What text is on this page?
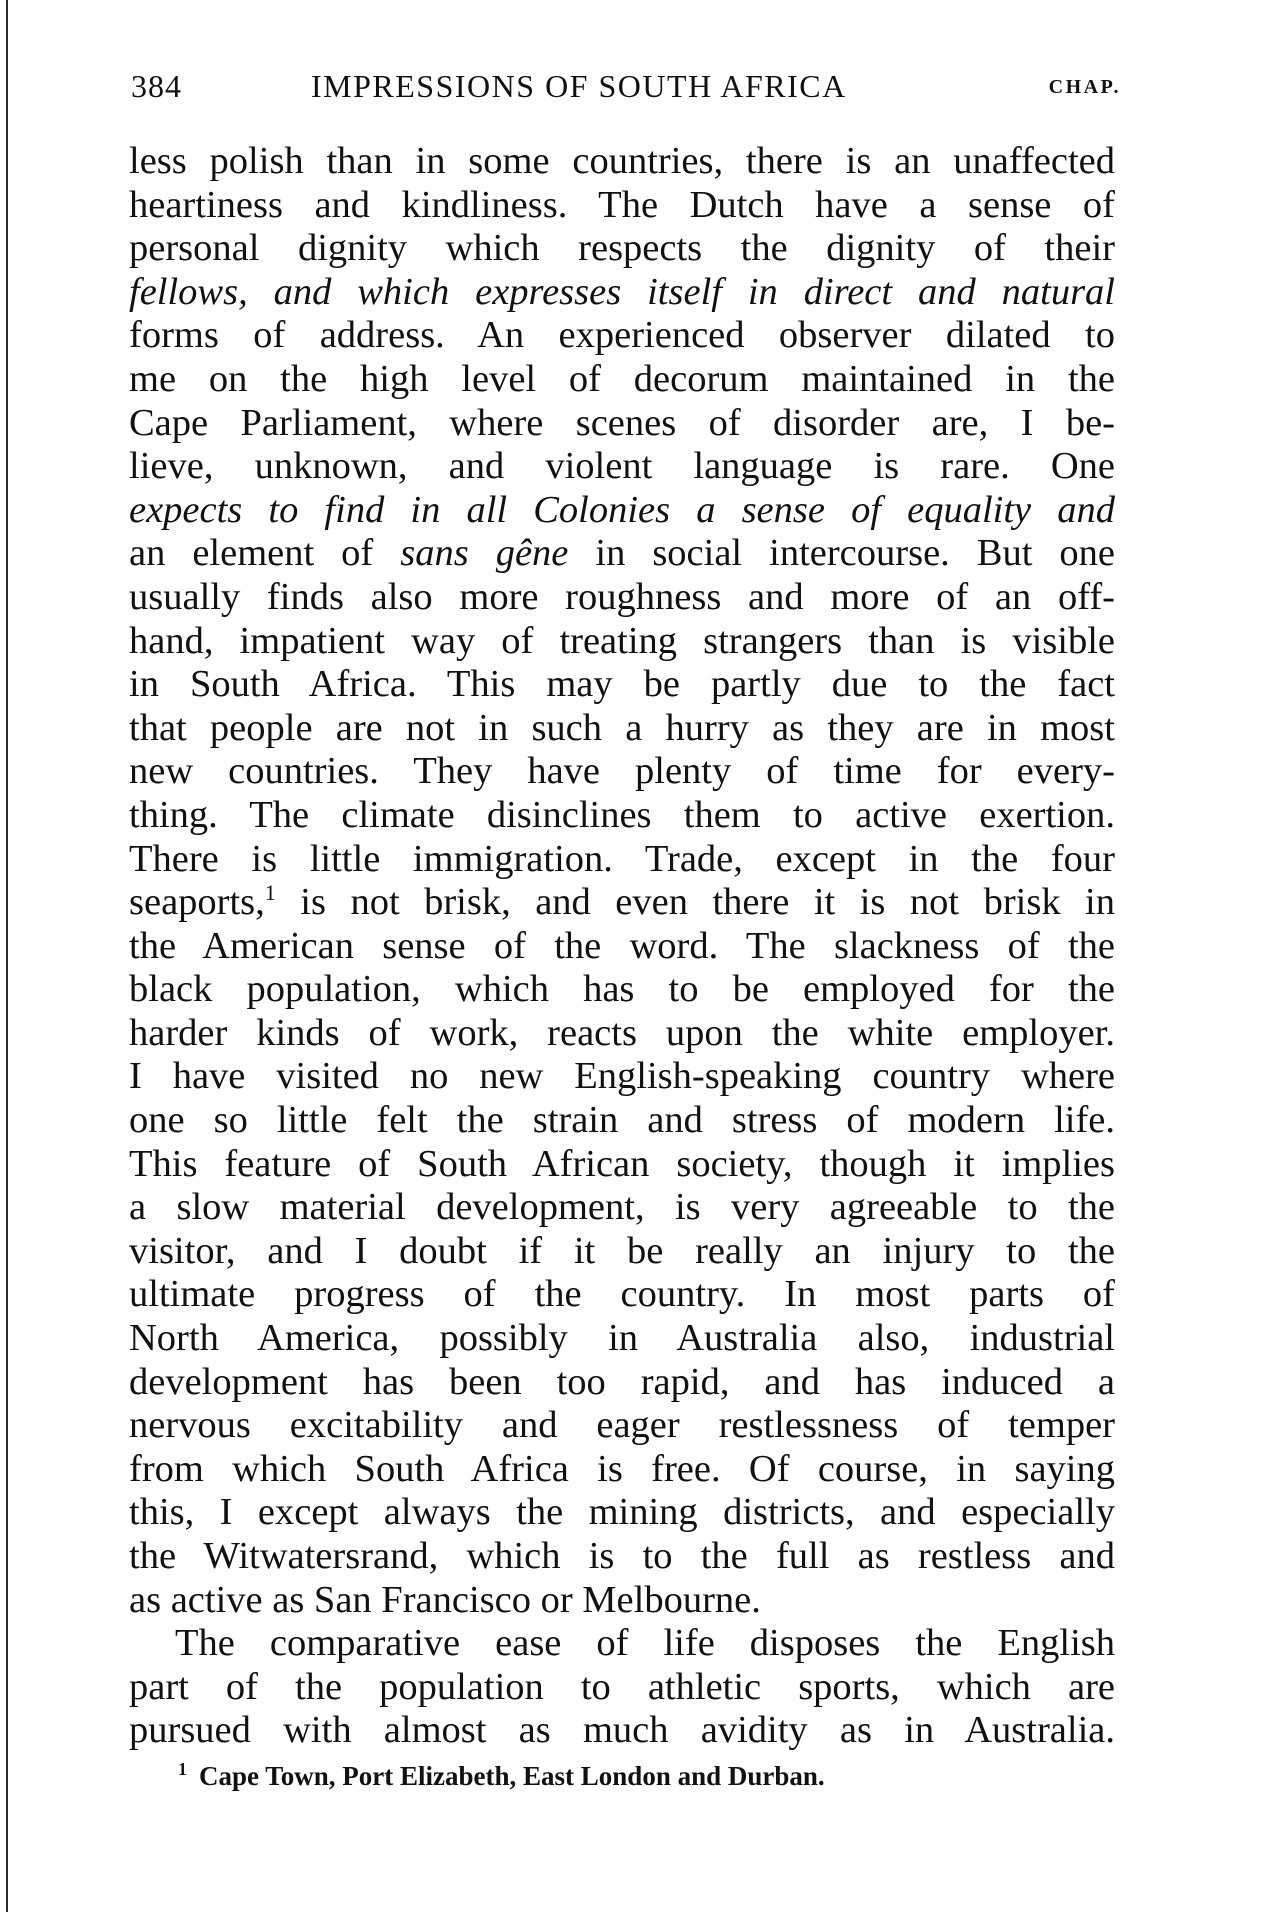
384	IMPRESSIONS OF SOUTH AFRICA	CHAP.
less polish than in some countries, there is an unaffected
heartiness and kindliness. The Dutch have a sense of
personal dignity which respects the dignity of their
fellows, and which expresses itself in direct and natural
forms of address. An experienced observer dilated to
me on the high level of decorum maintained in the
Cape Parliament, where scenes of disorder are, I be-
lieve, unknown, and violent language is rare. One
expects to find in all Colonies a sense of equality and
an element of sans gêne in social intercourse. But one
usually finds also more roughness and more of an off-
hand, impatient way of treating strangers than is visible
in South Africa. This may be partly due to the fact
that people are not in such a hurry as they are in most
new countries. They have plenty of time for every-
thing. The climate disinclines them to active exertion.
There is little immigration. Trade, except in the four
seaports,$^1$ is not brisk, and even there it is not brisk in
the American sense of the word. The slackness of the
black population, which has to be employed for the
harder kinds of work, reacts upon the white employer.
I have visited no new English-speaking country where
one so little felt the strain and stress of modern life.
This feature of South African society, though it implies
a slow material development, is very agreeable to the
visitor, and I doubt if it be really an injury to the
ultimate progress of the country. In most parts of
North America, possibly in Australia also, industrial
development has been too rapid, and has induced a
nervous excitability and eager restlessness of temper
from which South Africa is free. Of course, in saying
this, I except always the mining districts, and especially
the Witwatersrand, which is to the full as restless and
as active as San Francisco or Melbourne.
The comparative ease of life disposes the English
part of the population to athletic sports, which are
pursued with almost as much avidity as in Australia.
$^1$ Cape Town, Port Elizabeth, East London and Durban.
